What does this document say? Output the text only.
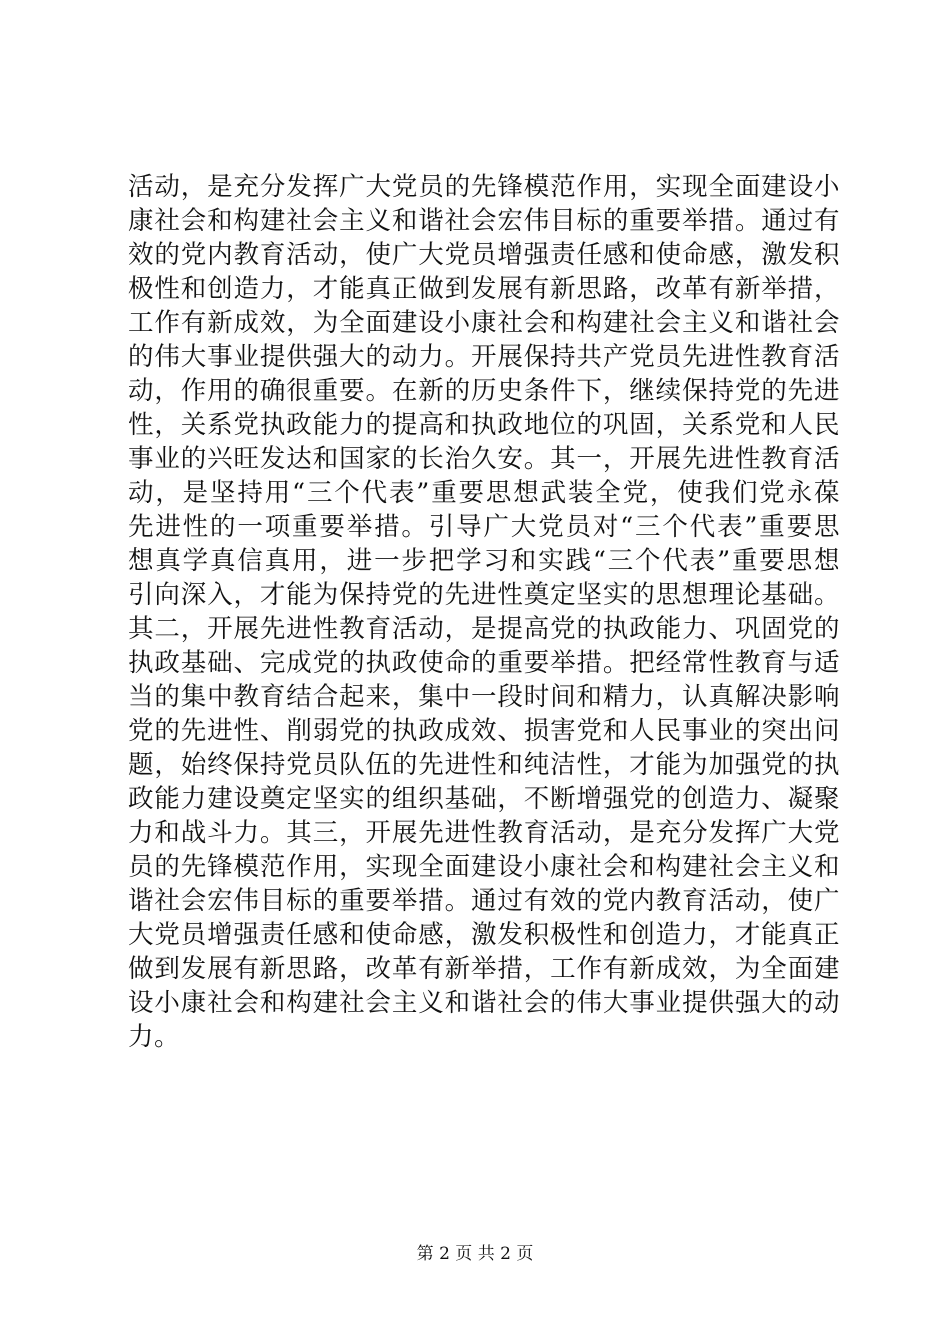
活动，是充分发挥广大党员的先锋模范作用，实现全面建设小
康社会和构建社会主义和谐社会宏伟目标的重要举措。通过有
效的党内教育活动，使广大党员增强责任感和使命感，激发积
极性和创造力，才能真正做到发展有新思路，改革有新举措，
工作有新成效，为全面建设小康社会和构建社会主义和谐社会
的伟大事业提供强大的动力。开展保持共产党员先进性教育活
动，作用的确很重要。在新的历史条件下，继续保持党的先进
性，关系党执政能力的提高和执政地位的巩固，关系党和人民
事业的兴旺发达和国家的长治久安。其一，开展先进性教育活
动，是坚持用“三个代表”重要思想武装全党，使我们党永葆
先进性的一项重要举措。引导广大党员对“三个代表”重要思
想真学真信真用，进一步把学习和实践“三个代表”重要思想
引向深入，才能为保持党的先进性奠定坚实的思想理论基础。
其二，开展先进性教育活动，是提高党的执政能力、巩固党的
执政基础、完成党的执政使命的重要举措。把经常性教育与适
当的集中教育结合起来，集中一段时间和精力，认真解决影响
党的先进性、削弱党的执政成效、损害党和人民事业的突出问
题，始终保持党员队伍的先进性和纯洁性，才能为加强党的执
政能力建设奠定坚实的组织基础，不断增强党的创造力、凝聚
力和战斗力。其三，开展先进性教育活动，是充分发挥广大党
员的先锋模范作用，实现全面建设小康社会和构建社会主义和
谐社会宏伟目标的重要举措。通过有效的党内教育活动，使广
大党员增强责任感和使命感，激发积极性和创造力，才能真正
做到发展有新思路，改革有新举措，工作有新成效，为全面建
设小康社会和构建社会主义和谐社会的伟大事业提供强大的动
力。
第 2 页 共 2 页
